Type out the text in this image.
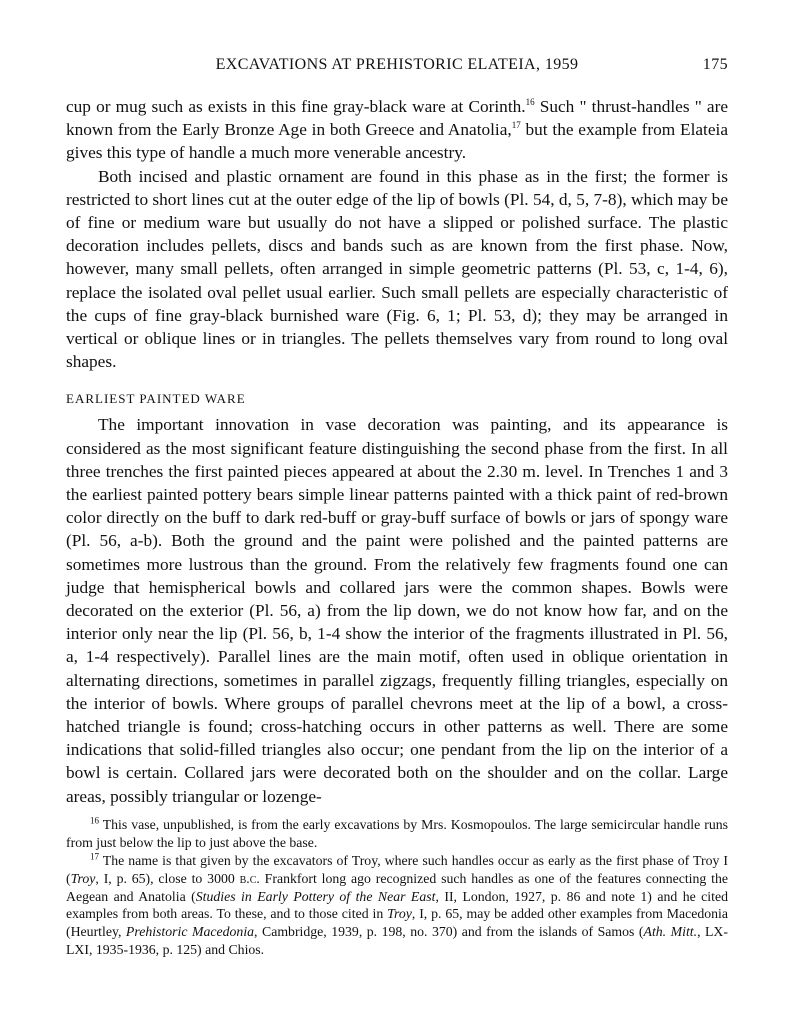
EXCAVATIONS AT PREHISTORIC ELATEIA, 1959	175

cup or mug such as exists in this fine gray-black ware at Corinth.$^{16}$ Such " thrust-handles " are known from the Early Bronze Age in both Greece and Anatolia,$^{17}$ but the example from Elateia gives this type of handle a much more venerable ancestry.

Both incised and plastic ornament are found in this phase as in the first; the former is restricted to short lines cut at the outer edge of the lip of bowls (Pl. 54, d, 5, 7-8), which may be of fine or medium ware but usually do not have a slipped or polished surface. The plastic decoration includes pellets, discs and bands such as are known from the first phase. Now, however, many small pellets, often arranged in simple geometric patterns (Pl. 53, c, 1-4, 6), replace the isolated oval pellet usual earlier. Such small pellets are especially characteristic of the cups of fine gray-black burnished ware (Fig. 6, 1; Pl. 53, d); they may be arranged in vertical or oblique lines or in triangles. The pellets themselves vary from round to long oval shapes.

EARLIEST PAINTED WARE

The important innovation in vase decoration was painting, and its appearance is considered as the most significant feature distinguishing the second phase from the first. In all three trenches the first painted pieces appeared at about the 2.30 m. level. In Trenches 1 and 3 the earliest painted pottery bears simple linear patterns painted with a thick paint of red-brown color directly on the buff to dark red-buff or gray-buff surface of bowls or jars of spongy ware (Pl. 56, a-b). Both the ground and the paint were polished and the painted patterns are sometimes more lustrous than the ground. From the relatively few fragments found one can judge that hemispherical bowls and collared jars were the common shapes. Bowls were decorated on the exterior (Pl. 56, a) from the lip down, we do not know how far, and on the interior only near the lip (Pl. 56, b, 1-4 show the interior of the fragments illustrated in Pl. 56, a, 1-4 respectively). Parallel lines are the main motif, often used in oblique orientation in alternating directions, sometimes in parallel zigzags, frequently filling triangles, especially on the interior of bowls. Where groups of parallel chevrons meet at the lip of a bowl, a cross-hatched triangle is found; cross-hatching occurs in other patterns as well. There are some indications that solid-filled triangles also occur; one pendant from the lip on the interior of a bowl is certain. Collared jars were decorated both on the shoulder and on the collar. Large areas, possibly triangular or lozenge-

$^{16}$ This vase, unpublished, is from the early excavations by Mrs. Kosmopoulos. The large semicircular handle runs from just below the lip to just above the base.

$^{17}$ The name is that given by the excavators of Troy, where such handles occur as early as the first phase of Troy I (Troy, I, p. 65), close to 3000 b.c. Frankfort long ago recognized such handles as one of the features connecting the Aegean and Anatolia (Studies in Early Pottery of the Near East, II, London, 1927, p. 86 and note 1) and he cited examples from both areas. To these, and to those cited in Troy, I, p. 65, may be added other examples from Macedonia (Heurtley, Prehistoric Macedonia, Cambridge, 1939, p. 198, no. 370) and from the islands of Samos (Ath. Mitt., LX-LXI, 1935-1936, p. 125) and Chios.
